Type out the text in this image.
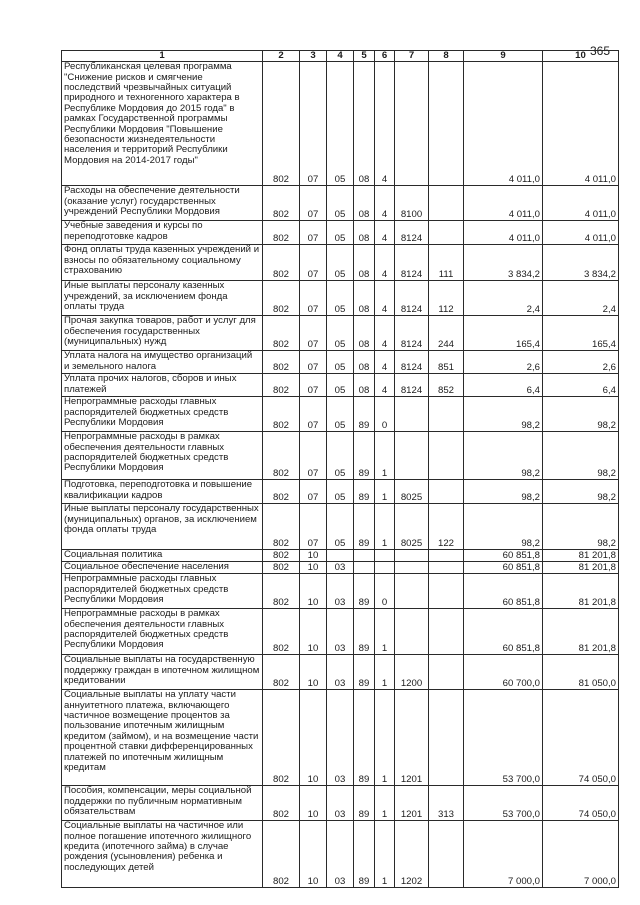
365
1	2	3	4	5	6	7	8	9	10
Республиканская целевая программа "Снижение рисков и смягчение последствий чрезвычайных ситуаций природного и техногенного характера в Республике Мордовия до 2015 года" в рамках Государственной программы Республики Мордовия "Повышение безопасности жизнедеятельности населения и территорий Республики Мордовия на 2014-2017 годы"	802	07	05	08	4			4 011,0	4 011,0
Расходы на обеспечение деятельности (оказание услуг) государственных учреждений Республики Мордовия	802	07	05	08	4	8100		4 011,0	4 011,0
Учебные заведения и курсы по переподготовке кадров	802	07	05	08	4	8124		4 011,0	4 011,0
Фонд оплаты труда казенных учреждений и взносы по обязательному социальному страхованию	802	07	05	08	4	8124	111	3 834,2	3 834,2
Иные выплаты персоналу казенных учреждений, за исключением фонда оплаты труда	802	07	05	08	4	8124	112	2,4	2,4
Прочая закупка товаров, работ и услуг для обеспечения государственных (муниципальных) нужд	802	07	05	08	4	8124	244	165,4	165,4
Уплата налога на имущество организаций и земельного налога	802	07	05	08	4	8124	851	2,6	2,6
Уплата прочих налогов, сборов и иных платежей	802	07	05	08	4	8124	852	6,4	6,4
Непрограммные расходы главных распорядителей бюджетных средств Республики Мордовия	802	07	05	89	0			98,2	98,2
Непрограммные расходы в рамках обеспечения деятельности главных распорядителей бюджетных средств Республики Мордовия	802	07	05	89	1			98,2	98,2
Подготовка, переподготовка и повышение квалификации кадров	802	07	05	89	1	8025		98,2	98,2
Иные выплаты персоналу государственных (муниципальных) органов, за исключением фонда оплаты труда	802	07	05	89	1	8025	122	98,2	98,2
Социальная политика	802	10						60 851,8	81 201,8
Социальное обеспечение населения	802	10	03					60 851,8	81 201,8
Непрограммные расходы главных распорядителей бюджетных средств Республики Мордовия	802	10	03	89	0			60 851,8	81 201,8
Непрограммные расходы в рамках обеспечения деятельности главных распорядителей бюджетных средств Республики Мордовия	802	10	03	89	1			60 851,8	81 201,8
Социальные выплаты на государственную поддержку граждан в ипотечном жилищном кредитовании	802	10	03	89	1	1200		60 700,0	81 050,0
Социальные выплаты на уплату части аннуитетного платежа, включающего частичное возмещение процентов за пользование ипотечным жилищным кредитом (займом), и на возмещение части процентной ставки дифференцированных платежей по ипотечным жилищным кредитам	802	10	03	89	1	1201		53 700,0	74 050,0
Пособия, компенсации, меры социальной поддержки по публичным нормативным обязательствам	802	10	03	89	1	1201	313	53 700,0	74 050,0
Социальные выплаты на частичное или полное погашение ипотечного жилищного кредита (ипотечного займа) в случае рождения (усыновления) ребенка и последующих детей	802	10	03	89	1	1202		7 000,0	7 000,0
